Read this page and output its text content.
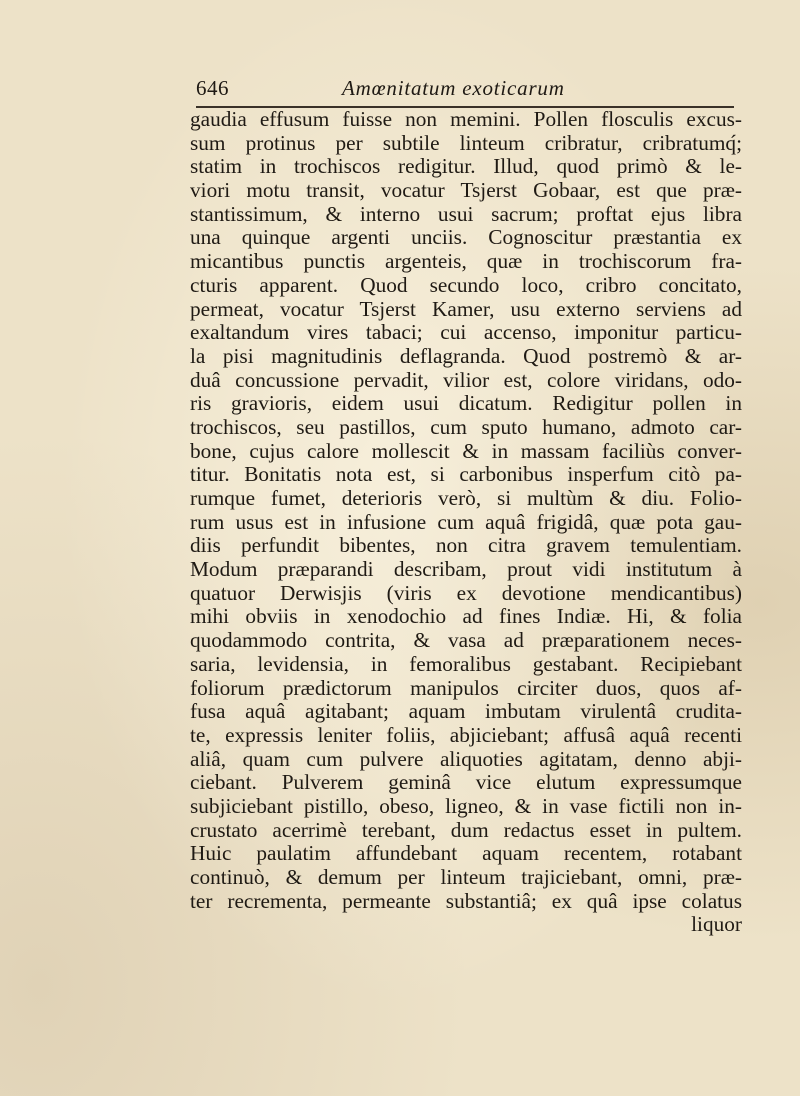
646	Amœnitatum exoticarum
gaudia effusum fuisse non memini. Pollen flosculis excus-
sum protinus per subtile linteum cribratur, cribratumq́;
statim in trochiscos redigitur. Illud, quod primò & le-
viori motu transit, vocatur Tsjerst Gobaar, est que præ-
stantissimum, & interno usui sacrum; proftat ejus libra
una quinque argenti unciis. Cognoscitur præstantia ex
micantibus punctis argenteis, quæ in trochiscorum fra-
cturis apparent. Quod secundo loco, cribro concitato,
permeat, vocatur Tsjerst Kamer, usu externo serviens ad
exaltandum vires tabaci; cui accenso, imponitur particu-
la pisi magnitudinis deflagranda. Quod postremò & ar-
duâ concussione pervadit, vilior est, colore viridans, odo-
ris gravioris, eidem usui dicatum. Redigitur pollen in
trochiscos, seu pastillos, cum sputo humano, admoto car-
bone, cujus calore mollescit & in massam faciliùs conver-
titur. Bonitatis nota est, si carbonibus insperfum citò pa-
rumque fumet, deterioris verò, si multùm & diu. Folio-
rum usus est in infusione cum aquâ frigidâ, quæ pota gau-
diis perfundit bibentes, non citra gravem temulentiam.
Modum præparandi describam, prout vidi institutum à
quatuor Derwisjis (viris ex devotione mendicantibus)
mihi obviis in xenodochio ad fines Indiæ. Hi, & folia
quodammodo contrita, & vasa ad præparationem neces-
saria, levidensia, in femoralibus gestabant. Recipiebant
foliorum prædictorum manipulos circiter duos, quos af-
fusa aquâ agitabant; aquam imbutam virulentâ crudita-
te, expressis leniter foliis, abjiciebant; affusâ aquâ recenti
aliâ, quam cum pulvere aliquoties agitatam, denno abji-
ciebant. Pulverem geminâ vice elutum expressumque
subjiciebant pistillo, obeso, ligneo, & in vase fictili non in-
crustato acerrimè terebant, dum redactus esset in pultem.
Huic paulatim affundebant aquam recentem, rotabant
continuò, & demum per linteum trajiciebant, omni, præ-
ter recrementa, permeante substantiâ; ex quâ ipse colatus
liquor
